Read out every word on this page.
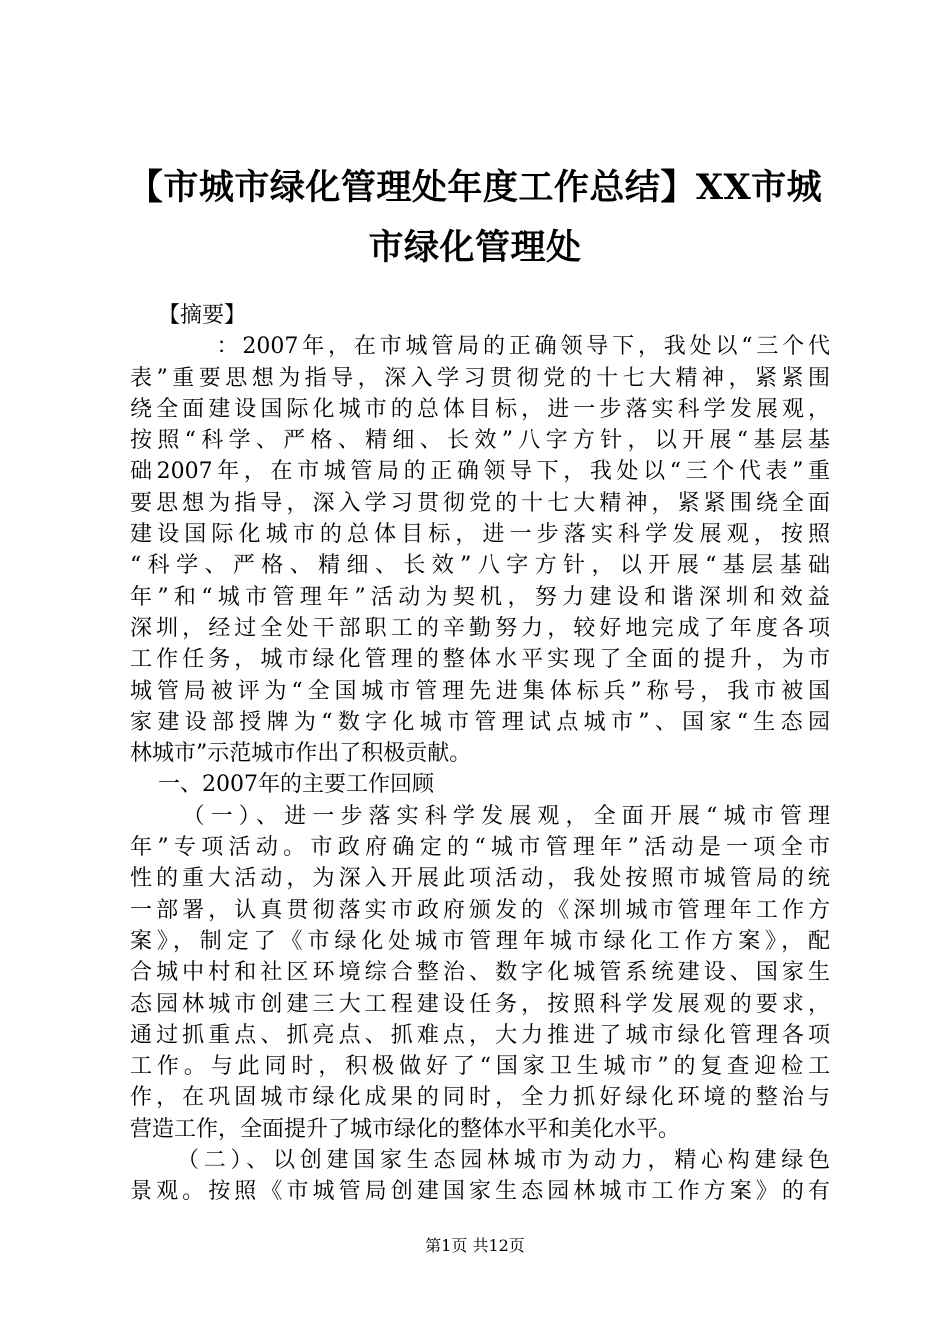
【市城市绿化管理处年度工作总结】XX市城
市绿化管理处
【摘要】
：2007年，在市城管局的正确领导下，我处以“三个代
表”重要思想为指导，深入学习贯彻党的十七大精神，紧紧围
绕全面建设国际化城市的总体目标，进一步落实科学发展观，
按照“科学、严格、精细、长效”八字方针，以开展“基层基
础2007年，在市城管局的正确领导下，我处以“三个代表”重
要思想为指导，深入学习贯彻党的十七大精神，紧紧围绕全面
建设国际化城市的总体目标，进一步落实科学发展观，按照
“科学、严格、精细、长效”八字方针，以开展“基层基础
年”和“城市管理年”活动为契机，努力建设和谐深圳和效益
深圳，经过全处干部职工的辛勤努力，较好地完成了年度各项
工作任务，城市绿化管理的整体水平实现了全面的提升，为市
城管局被评为“全国城市管理先进集体标兵”称号，我市被国
家建设部授牌为“数字化城市管理试点城市”、国家“生态园
林城市”示范城市作出了积极贡献。
一、2007年的主要工作回顾
（一）、进一步落实科学发展观，全面开展“城市管理
年”专项活动。市政府确定的“城市管理年”活动是一项全市
性的重大活动，为深入开展此项活动，我处按照市城管局的统
一部署，认真贯彻落实市政府颁发的《深圳城市管理年工作方
案》，制定了《市绿化处城市管理年城市绿化工作方案》，配
合城中村和社区环境综合整治、数字化城管系统建设、国家生
态园林城市创建三大工程建设任务，按照科学发展观的要求，
通过抓重点、抓亮点、抓难点，大力推进了城市绿化管理各项
工作。与此同时，积极做好了“国家卫生城市”的复查迎检工
作，在巩固城市绿化成果的同时，全力抓好绿化环境的整治与
营造工作，全面提升了城市绿化的整体水平和美化水平。
（二）、以创建国家生态园林城市为动力，精心构建绿色
景观。按照《市城管局创建国家生态园林城市工作方案》的有
第1页 共12页
